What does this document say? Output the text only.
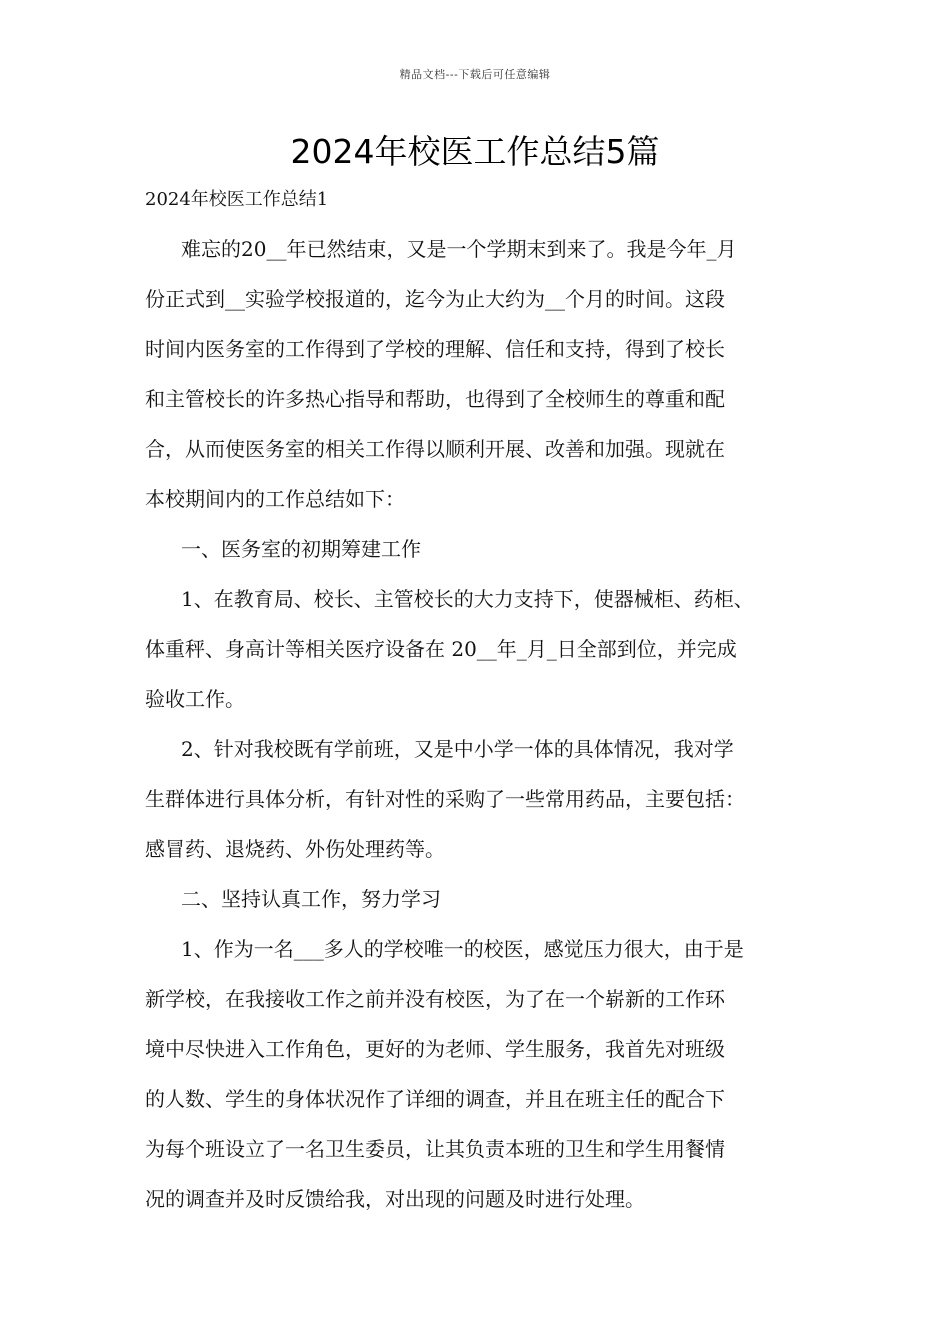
精品文档---下载后可任意编辑
2024年校医工作总结5篇
2024年校医工作总结1
难忘的20__年已然结束，又是一个学期末到来了。我是今年_月
份正式到__实验学校报道的，迄今为止大约为__个月的时间。这段
时间内医务室的工作得到了学校的理解、信任和支持，得到了校长
和主管校长的许多热心指导和帮助，也得到了全校师生的尊重和配
合，从而使医务室的相关工作得以顺利开展、改善和加强。现就在
本校期间内的工作总结如下：
一、医务室的初期筹建工作
1、在教育局、校长、主管校长的大力支持下，使器械柜、药柜、
体重秤、身高计等相关医疗设备在 20__年_月_日全部到位，并完成
验收工作。
2、针对我校既有学前班，又是中小学一体的具体情况，我对学
生群体进行具体分析，有针对性的采购了一些常用药品，主要包括：
感冒药、退烧药、外伤处理药等。
二、坚持认真工作，努力学习
1、作为一名___多人的学校唯一的校医，感觉压力很大，由于是
新学校，在我接收工作之前并没有校医，为了在一个崭新的工作环
境中尽快进入工作角色，更好的为老师、学生服务，我首先对班级
的人数、学生的身体状况作了详细的调查，并且在班主任的配合下
为每个班设立了一名卫生委员，让其负责本班的卫生和学生用餐情
况的调查并及时反馈给我，对出现的问题及时进行处理。
